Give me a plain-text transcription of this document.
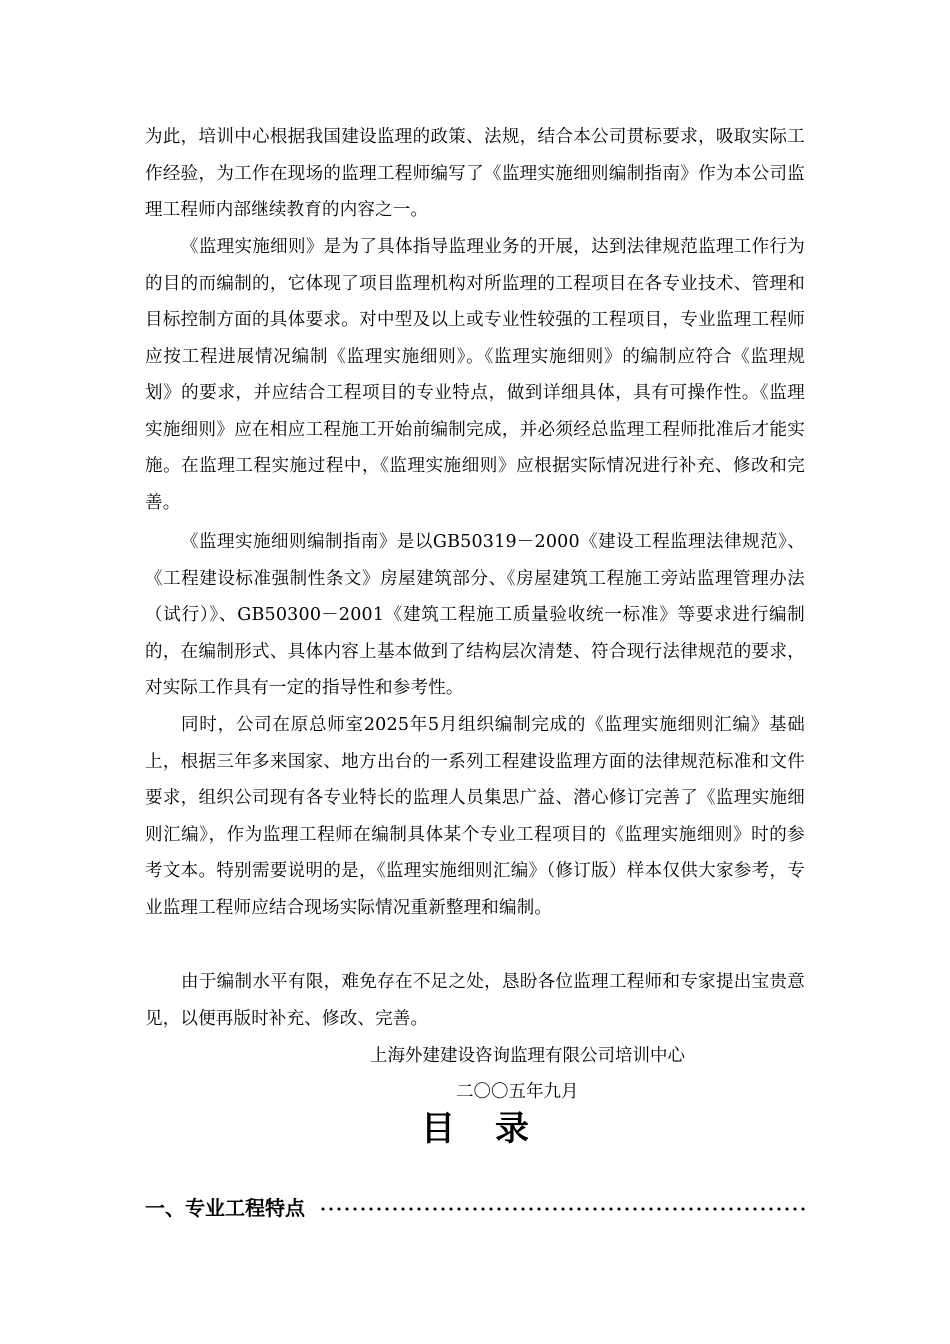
为此，培训中心根据我国建设监理的政策、法规，结合本公司贯标要求，吸取实际工作经验，为工作在现场的监理工程师编写了《监理实施细则编制指南》作为本公司监理工程师内部继续教育的内容之一。

《监理实施细则》是为了具体指导监理业务的开展，达到法律规范监理工作行为的目的而编制的，它体现了项目监理机构对所监理的工程项目在各专业技术、管理和目标控制方面的具体要求。对中型及以上或专业性较强的工程项目，专业监理工程师应按工程进展情况编制《监理实施细则》。《监理实施细则》的编制应符合《监理规划》的要求，并应结合工程项目的专业特点，做到详细具体，具有可操作性。《监理实施细则》应在相应工程施工开始前编制完成，并必须经总监理工程师批准后才能实施。在监理工程实施过程中，《监理实施细则》应根据实际情况进行补充、修改和完善。

《监理实施细则编制指南》是以GB50319－2000《建设工程监理法律规范》、《工程建设标准强制性条文》房屋建筑部分、《房屋建筑工程施工旁站监理管理办法（试行）》、GB50300－2001《建筑工程施工质量验收统一标准》等要求进行编制的，在编制形式、具体内容上基本做到了结构层次清楚、符合现行法律规范的要求，对实际工作具有一定的指导性和参考性。

同时，公司在原总师室2025年5月组织编制完成的《监理实施细则汇编》基础上，根据三年多来国家、地方出台的一系列工程建设监理方面的法律规范标准和文件要求，组织公司现有各专业特长的监理人员集思广益、潜心修订完善了《监理实施细则汇编》，作为监理工程师在编制具体某个专业工程项目的《监理实施细则》时的参考文本。特别需要说明的是，《监理实施细则汇编》（修订版）样本仅供大家参考，专业监理工程师应结合现场实际情况重新整理和编制。

由于编制水平有限，难免存在不足之处，恳盼各位监理工程师和专家提出宝贵意见，以便再版时补充、修改、完善。

上海外建建设咨询监理有限公司培训中心

二〇〇五年九月

目录
一、专业工程特点
